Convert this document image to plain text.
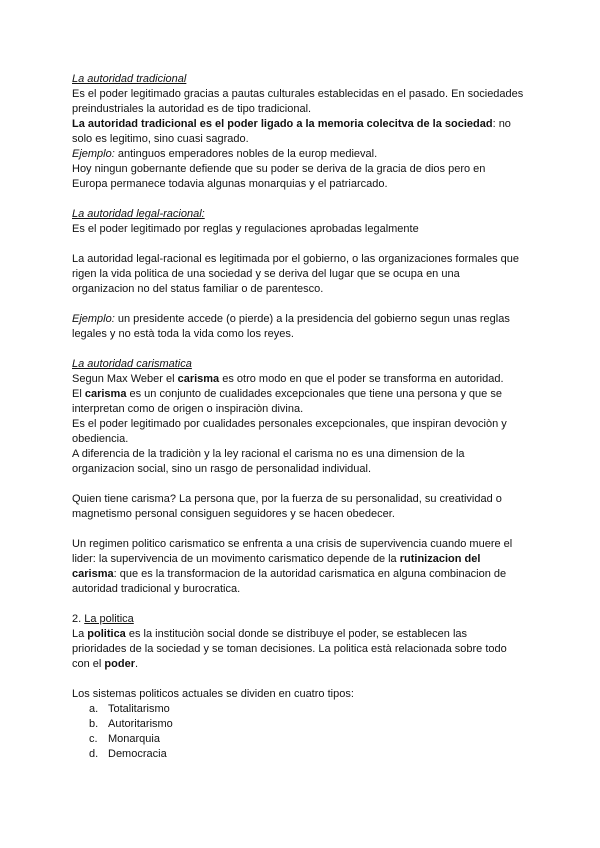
La autoridad tradicional
Es el poder legitimado gracias a pautas culturales establecidas en el pasado. En sociedades
preindustriales la autoridad es de tipo tradicional.
La autoridad tradicional es el poder ligado a la memoria colecitva de la sociedad: no
solo es legitimo, sino cuasi sagrado.
Ejemplo: antinguos emperadores nobles de la europ medieval.
Hoy ningun gobernante defiende que su poder se deriva de la gracia de dios pero en
Europa permanece todavia algunas monarquias y el patriarcado.
La autoridad legal-racional:
Es el poder legitimado por reglas y regulaciones aprobadas legalmente
La autoridad legal-racional es legitimada por el gobierno, o las organizaciones formales que
rigen la vida politica de una sociedad y se deriva del lugar que se ocupa en una
organizacion no del status familiar o de parentesco.
Ejemplo: un presidente accede (o pierde) a la presidencia del gobierno segun unas reglas
legales y no està toda la vida como los reyes.
La autoridad carismatica
Segun Max Weber el carisma es otro modo en que el poder se transforma en autoridad.
El carisma es un conjunto de cualidades excepcionales que tiene una persona y que se
interpretan como de origen o inspiraciòn divina.
Es el poder legitimado por cualidades personales excepcionales, que inspiran devociòn y
obediencia.
A diferencia de la tradiciòn y la ley racional el carisma no es una dimension de la
organizacion social, sino un rasgo de personalidad individual.
Quien tiene carisma? La persona que, por la fuerza de su personalidad, su creatividad o
magnetismo personal consiguen seguidores y se hacen obedecer.
Un regimen politico carismatico se enfrenta a una crisis de supervivencia cuando muere el
lider: la supervivencia de un movimento carismatico depende de la rutinizacion del
carisma: que es la transformacion de la autoridad carismatica en alguna combinacion de
autoridad tradicional y burocratica.
2. La politica
La politica es la instituciòn social donde se distribuye el poder, se establecen las
prioridades de la sociedad y se toman decisiones. La politica està relacionada sobre todo
con el poder.
Los sistemas politicos actuales se dividen en cuatro tipos:
a. Totalitarismo
b. Autoritarismo
c. Monarquia
d. Democracia
